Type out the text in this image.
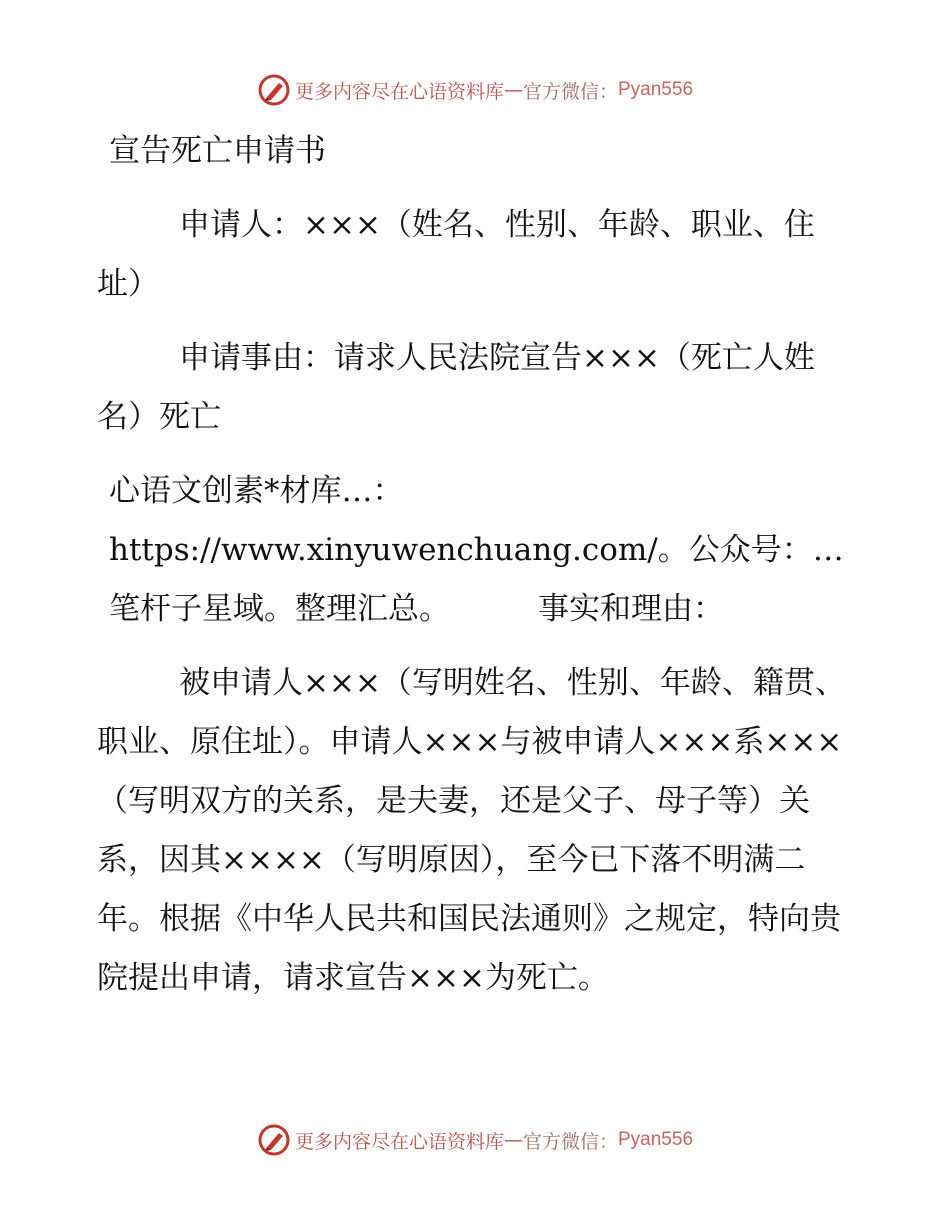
更多内容尽在心语资料库 — 官方微信： Pyan556

宣告死亡申请书

申请人：×××（姓名、性别、年龄、职业、住址）

申请事由：请求人民法院宣告×××（死亡人姓名）死亡

心语文创素*材库…：https://www.xinyuwenchuang.com/。公众号：…笔杆子星域。整理汇总。	事实和理由：

被申请人×××（写明姓名、性别、年龄、籍贯、职业、原住址）。申请人×××与被申请人×××系×××（写明双方的关系，是夫妻，还是父子、母子等）关系，因其××××（写明原因），至今已下落不明满二年。根据《中华人民共和国民法通则》之规定，特向贵院提出申请，请求宣告×××为死亡。

更多内容尽在心语资料库 — 官方微信： Pyan556
